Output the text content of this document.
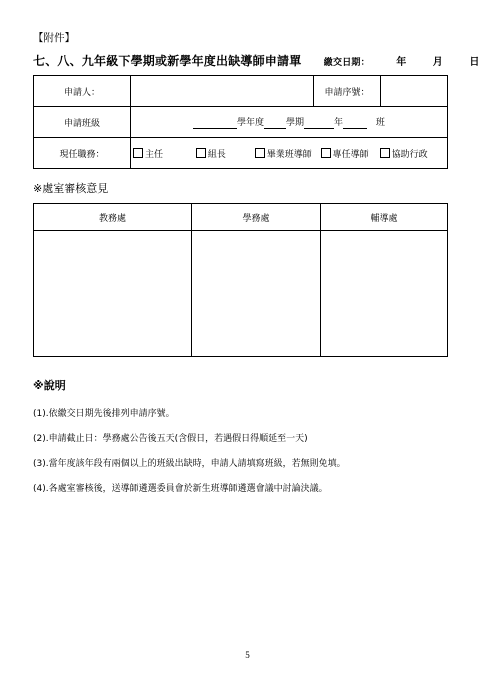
【附件】
七、八、九年級下學期或新學年度出缺導師申請單 繳交日期：	年	月	日
申請人：		申請序號：	
申請班級	學年度 學期 年 班		
現任職務：	主任 組長 畢業班導師 專任導師 協助行政		
※處室審核意見
教務處	學務處	輔導處

※說明
(1).依繳交日期先後排列申請序號。
(2).申請截止日：學務處公告後五天(含假日，若遇假日得順延至一天)
(3).當年度該年段有兩個以上的班級出缺時，申請人請填寫班級，若無則免填。
(4).各處室審核後，送導師遴選委員會於新生班導師遴選會議中討論決議。
5
